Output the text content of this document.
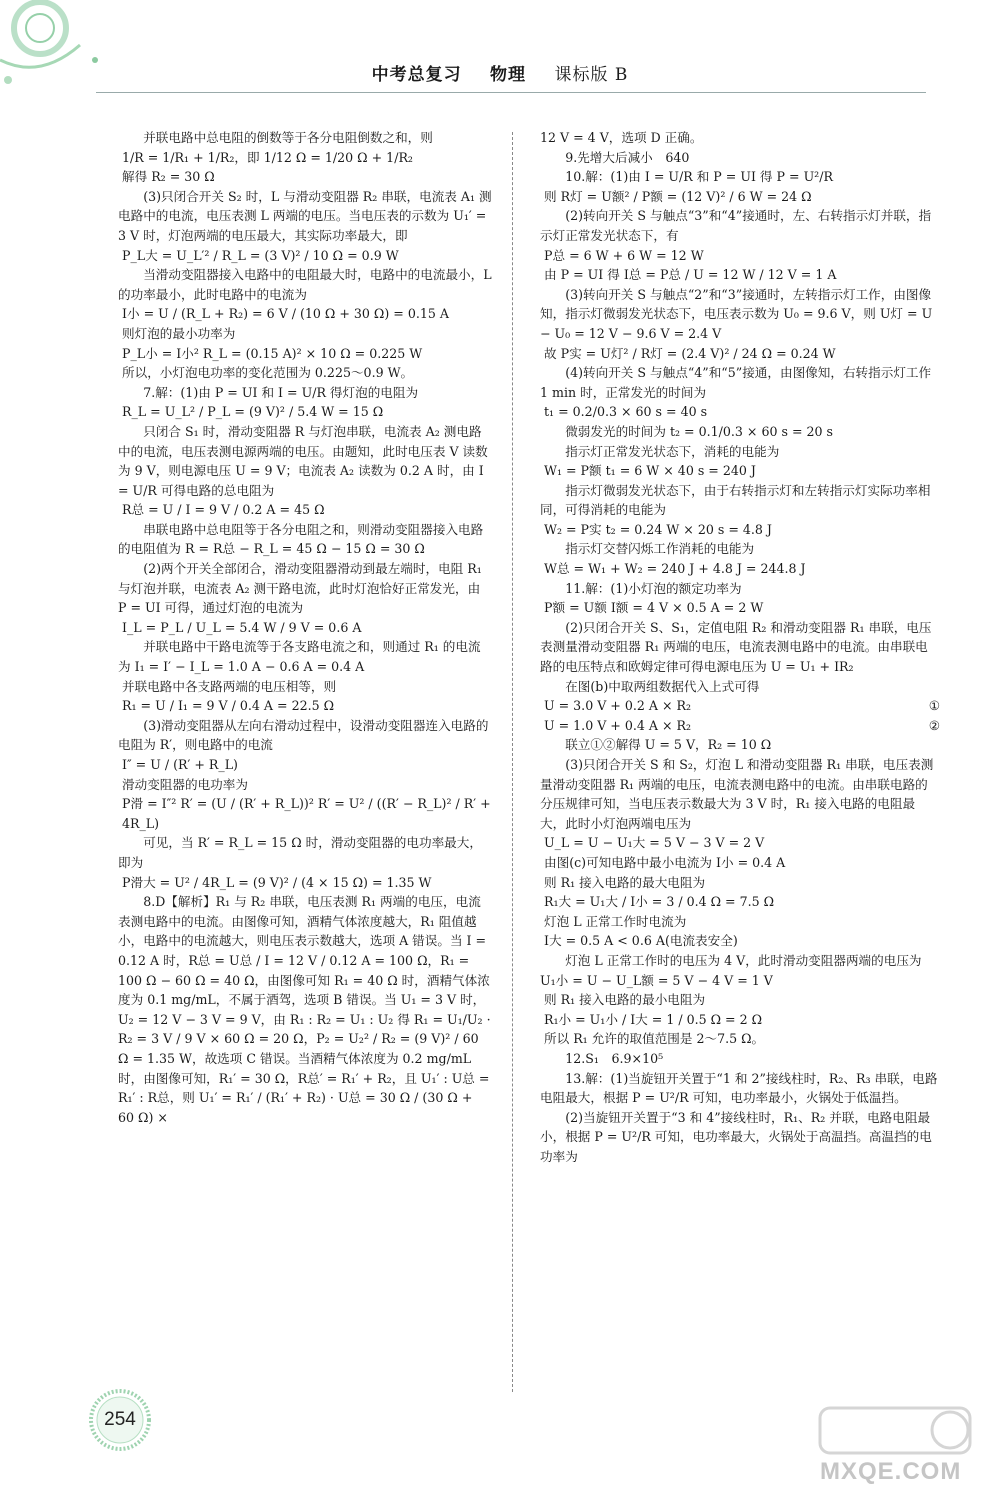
中考总复习 物理 课标版 B

并联电路中总电阻的倒数等于各分电阻倒数之和，则

1/R = 1/R₁ + 1/R₂，即 1/12 Ω = 1/20 Ω + 1/R₂

解得 R₂ = 30 Ω

(3)只闭合开关 S₂ 时，L 与滑动变阻器 R₂ 串联，电流表 A₁ 测电路中的电流，电压表测 L 两端的电压。当电压表的示数为 U₁′ = 3 V 时，灯泡两端的电压最大，其实际功率最大，即

P_L大 = U_L′² / R_L = (3 V)² / 10 Ω = 0.9 W

当滑动变阻器接入电路中的电阻最大时，电路中的电流最小，L 的功率最小，此时电路中的电流为

I小 = U / (R_L + R₂) = 6 V / (10 Ω + 30 Ω) = 0.15 A

则灯泡的最小功率为

P_L小 = I小² R_L = (0.15 A)² × 10 Ω = 0.225 W

所以，小灯泡电功率的变化范围为 0.225～0.9 W。

7.解：(1)由 P = UI 和 I = U/R 得灯泡的电阻为

R_L = U_L² / P_L = (9 V)² / 5.4 W = 15 Ω

只闭合 S₁ 时，滑动变阻器 R 与灯泡串联，电流表 A₂ 测电路中的电流，电压表测电源两端的电压。由题知，此时电压表 V 读数为 9 V，则电源电压 U = 9 V；电流表 A₂ 读数为 0.2 A 时，由 I = U/R 可得电路的总电阻为

R总 = U / I = 9 V / 0.2 A = 45 Ω

串联电路中总电阻等于各分电阻之和，则滑动变阻器接入电路的电阻值为 R = R总 − R_L = 45 Ω − 15 Ω = 30 Ω

(2)两个开关全部闭合，滑动变阻器滑动到最左端时，电阻 R₁ 与灯泡并联，电流表 A₂ 测干路电流，此时灯泡恰好正常发光，由 P = UI 可得，通过灯泡的电流为

I_L = P_L / U_L = 5.4 W / 9 V = 0.6 A

并联电路中干路电流等于各支路电流之和，则通过 R₁ 的电流为 I₁ = I′ − I_L = 1.0 A − 0.6 A = 0.4 A

并联电路中各支路两端的电压相等，则

R₁ = U / I₁ = 9 V / 0.4 A = 22.5 Ω

(3)滑动变阻器从左向右滑动过程中，设滑动变阻器连入电路的电阻为 R′，则电路中的电流

I″ = U / (R′ + R_L)

滑动变阻器的电功率为

P滑 = I″² R′ = (U / (R′ + R_L))² R′ = U² / ((R′ − R_L)² / R′ + 4R_L)

可见，当 R′ = R_L = 15 Ω 时，滑动变阻器的电功率最大，即为

P滑大 = U² / 4R_L = (9 V)² / (4 × 15 Ω) = 1.35 W

8.D【解析】R₁ 与 R₂ 串联，电压表测 R₁ 两端的电压，电流表测电路中的电流。由图像可知，酒精气体浓度越大，R₁ 阻值越小，电路中的电流越大，则电压表示数越大，选项 A 错误。当 I = 0.12 A 时，R总 = U总 / I = 12 V / 0.12 A = 100 Ω，R₁ = 100 Ω − 60 Ω = 40 Ω，由图像可知 R₁ = 40 Ω 时，酒精气体浓度为 0.1 mg/mL，不属于酒驾，选项 B 错误。当 U₁ = 3 V 时，U₂ = 12 V − 3 V = 9 V，由 R₁ : R₂ = U₁ : U₂ 得 R₁ = U₁/U₂ · R₂ = 3 V / 9 V × 60 Ω = 20 Ω，P₂ = U₂² / R₂ = (9 V)² / 60 Ω = 1.35 W，故选项 C 错误。当酒精气体浓度为 0.2 mg/mL 时，由图像可知，R₁′ = 30 Ω，R总′ = R₁′ + R₂，且 U₁′ : U总 = R₁′ : R总，则 U₁′ = R₁′ / (R₁′ + R₂) · U总 = 30 Ω / (30 Ω + 60 Ω) ×

12 V = 4 V，选项 D 正确。

9.先增大后减小　640

10.解：(1)由 I = U/R 和 P = UI 得 P = U²/R

则 R灯 = U额² / P额 = (12 V)² / 6 W = 24 Ω

(2)转向开关 S 与触点“3”和“4”接通时，左、右转指示灯并联，指示灯正常发光状态下，有

P总 = 6 W + 6 W = 12 W

由 P = UI 得 I总 = P总 / U = 12 W / 12 V = 1 A

(3)转向开关 S 与触点“2”和“3”接通时，左转指示灯工作，由图像知，指示灯微弱发光状态下，电压表示数为 U₀ = 9.6 V，则 U灯 = U − U₀ = 12 V − 9.6 V = 2.4 V

故 P实 = U灯² / R灯 = (2.4 V)² / 24 Ω = 0.24 W

(4)转向开关 S 与触点“4”和“5”接通，由图像知，右转指示灯工作 1 min 时，正常发光的时间为

t₁ = 0.2/0.3 × 60 s = 40 s

微弱发光的时间为 t₂ = 0.1/0.3 × 60 s = 20 s

指示灯正常发光状态下，消耗的电能为

W₁ = P额 t₁ = 6 W × 40 s = 240 J

指示灯微弱发光状态下，由于右转指示灯和左转指示灯实际功率相同，可得消耗的电能为

W₂ = P实 t₂ = 0.24 W × 20 s = 4.8 J

指示灯交替闪烁工作消耗的电能为

W总 = W₁ + W₂ = 240 J + 4.8 J = 244.8 J

11.解：(1)小灯泡的额定功率为

P额 = U额 I额 = 4 V × 0.5 A = 2 W

(2)只闭合开关 S、S₁，定值电阻 R₂ 和滑动变阻器 R₁ 串联，电压表测量滑动变阻器 R₁ 两端的电压，电流表测电路中的电流。由串联电路的电压特点和欧姆定律可得电源电压为 U = U₁ + IR₂

在图(b)中取两组数据代入上式可得

U = 3.0 V + 0.2 A × R₂	①

U = 1.0 V + 0.4 A × R₂	②

联立①②解得 U = 5 V，R₂ = 10 Ω

(3)只闭合开关 S 和 S₂，灯泡 L 和滑动变阻器 R₁ 串联，电压表测量滑动变阻器 R₁ 两端的电压，电流表测电路中的电流。由串联电路的分压规律可知，当电压表示数最大为 3 V 时，R₁ 接入电路的电阻最大，此时小灯泡两端电压为

U_L = U − U₁大 = 5 V − 3 V = 2 V

由图(c)可知电路中最小电流为 I小 = 0.4 A

则 R₁ 接入电路的最大电阻为

R₁大 = U₁大 / I小 = 3 / 0.4 Ω = 7.5 Ω

灯泡 L 正常工作时电流为

I大 = 0.5 A < 0.6 A(电流表安全)

灯泡 L 正常工作时的电压为 4 V，此时滑动变阻器两端的电压为 U₁小 = U − U_L额 = 5 V − 4 V = 1 V

则 R₁ 接入电路的最小电阻为

R₁小 = U₁小 / I大 = 1 / 0.5 Ω = 2 Ω

所以 R₁ 允许的取值范围是 2～7.5 Ω。

12.S₁　6.9×10⁵

13.解：(1)当旋钮开关置于“1 和 2”接线柱时，R₂、R₃ 串联，电路电阻最大，根据 P = U²/R 可知，电功率最小，火锅处于低温挡。

(2)当旋钮开关置于“3 和 4”接线柱时，R₁、R₂ 并联，电路电阻最小，根据 P = U²/R 可知，电功率最大，火锅处于高温挡。高温挡的电功率为

254
MXQE.COM
